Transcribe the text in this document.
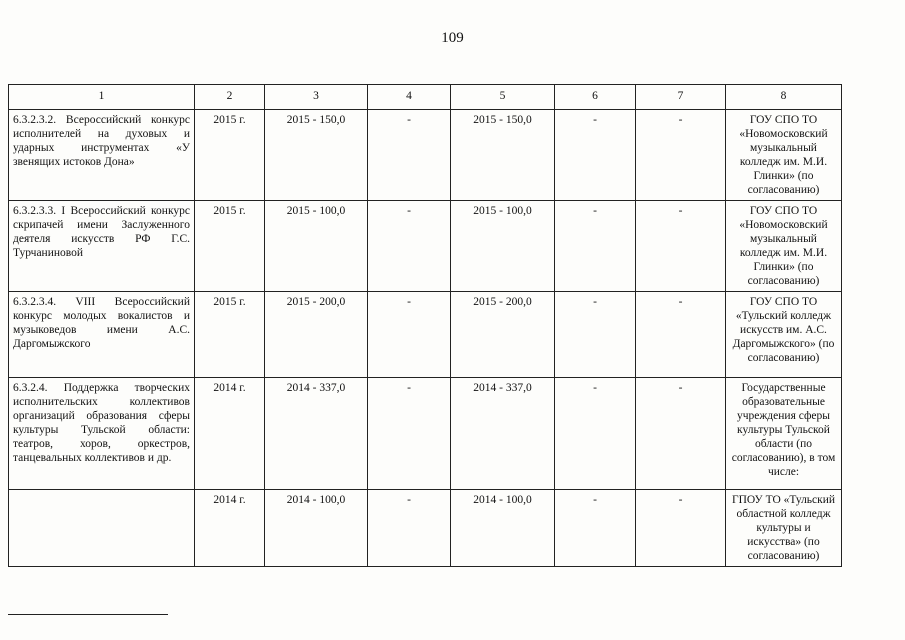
109
1	2	3	4	5	6	7	8
6.3.2.3.2. Всероссийский конкурс исполнителей на духовых и ударных инструментах «У звенящих истоков Дона»	2015 г.	2015 - 150,0	-	2015 - 150,0	-	-	ГОУ СПО ТО «Новомосковский музыкальный колледж им. М.И. Глинки» (по согласованию)
6.3.2.3.3. I Всероссийский конкурс скрипачей имени Заслуженного деятеля искусств РФ Г.С. Турчаниновой	2015 г.	2015 - 100,0	-	2015 - 100,0	-	-	ГОУ СПО ТО «Новомосковский музыкальный колледж им. М.И. Глинки» (по согласованию)
6.3.2.3.4. VIII Всероссийский конкурс молодых вокалистов и музыковедов имени А.С. Даргомыжского	2015 г.	2015 - 200,0	-	2015 - 200,0	-	-	ГОУ СПО ТО «Тульский колледж искусств им. А.С. Даргомыжского» (по согласованию)
6.3.2.4. Поддержка творческих исполнительских коллективов организаций образования сферы культуры Тульской области: театров, хоров, оркестров, танцевальных коллективов и др.	2014 г.	2014 - 337,0	-	2014 - 337,0	-	-	Государственные образовательные учреждения сферы культуры Тульской области (по согласованию), в том числе:
	2014 г.	2014 - 100,0	-	2014 - 100,0	-	-	ГПОУ ТО «Тульский областной колледж культуры и искусства» (по согласованию)
